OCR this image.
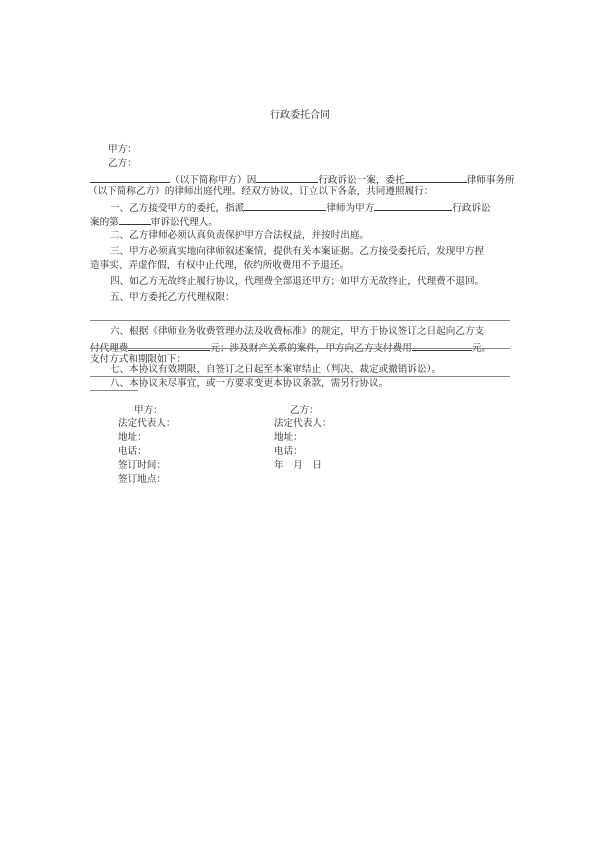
行政委托合同
甲方：
乙方：
（以下简称甲方）因	行政诉讼一案，委托	律师事务所
（以下简称乙方）的律师出庭代理。经双方协议，订立以下各条，共同遵照履行：
一、乙方接受甲方的委托，指派	律师为甲方	行政诉讼
案的第	审诉讼代理人。
二、乙方律师必须认真负责保护甲方合法权益，并按时出庭。
三、甲方必须真实地向律师叙述案情，提供有关本案证据。乙方接受委托后，发现甲方捏
造事实、弄虚作假，有权中止代理，依约所收费用不予退还。
四、如乙方无故终止履行协议，代理费全部退还甲方；如甲方无故终止，代理费不退回。
五、甲方委托乙方代理权限：
六、根据《律师业务收费管理办法及收费标准》的规定，甲方于协议签订之日起向乙方支
付代理费	元；涉及财产关系的案件，甲方向乙方支付费用	元。
支付方式和期限如下：
七、本协议有效期限，自签订之日起至本案审结止（判决、裁定或撤销诉讼）。
八、本协议未尽事宜，或一方要求变更本协议条款，需另行协议。
甲方：	乙方：
法定代表人：	法定代表人：
地址：	地址：
电话：	电话：
签订时间：	年　月　日
签订地点：
